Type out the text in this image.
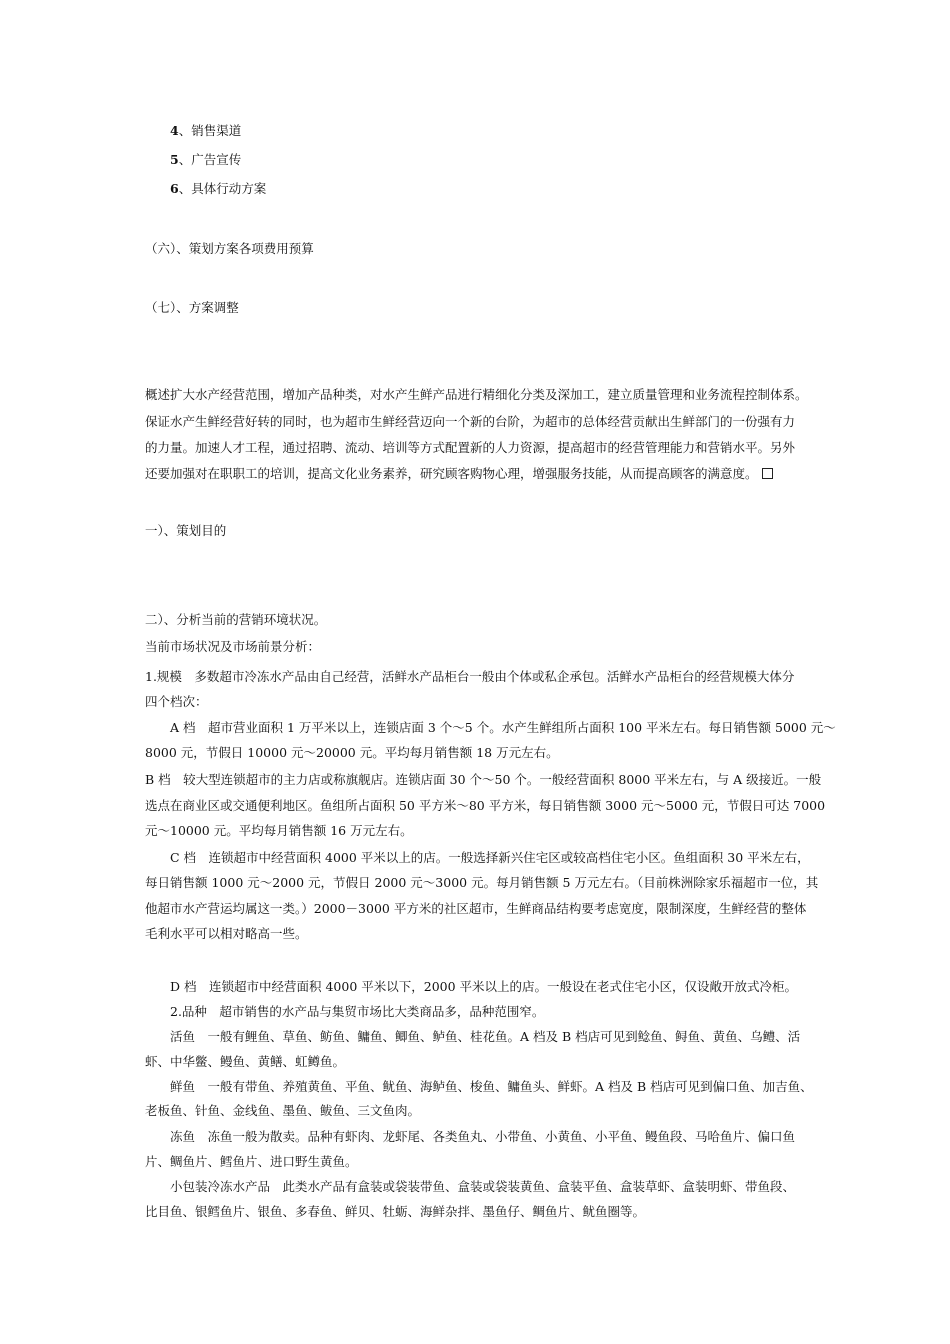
4、销售渠道
5、广告宣传
6、具体行动方案
（六）、策划方案各项费用预算
（七）、方案调整
概述扩大水产经营范围，增加产品种类，对水产生鲜产品进行精细化分类及深加工，建立质量管理和业务流程控制体系。
保证水产生鲜经营好转的同时，也为超市生鲜经营迈向一个新的台阶，为超市的总体经营贡献出生鲜部门的一份强有力
的力量。加速人才工程，通过招聘、流动、培训等方式配置新的人力资源，提高超市的经营管理能力和营销水平。另外
还要加强对在职职工的培训，提高文化业务素养，研究顾客购物心理，增强服务技能，从而提高顾客的满意度。
一）、策划目的
二）、分析当前的营销环境状况。
当前市场状况及市场前景分析：
1.规模　多数超市冷冻水产品由自己经营，活鲜水产品柜台一般由个体或私企承包。活鲜水产品柜台的经营规模大体分
四个档次：
A 档　超市营业面积 1 万平米以上，连锁店面 3 个～5 个。水产生鲜组所占面积 100 平米左右。每日销售额 5000 元～
8000 元，节假日 10000 元～20000 元。平均每月销售额 18 万元左右。
B 档　较大型连锁超市的主力店或称旗舰店。连锁店面 30 个～50 个。一般经营面积 8000 平米左右，与 A 级接近。一般
选点在商业区或交通便利地区。鱼组所占面积 50 平方米～80 平方米，每日销售额 3000 元～5000 元，节假日可达 7000
元～10000 元。平均每月销售额 16 万元左右。
C 档　连锁超市中经营面积 4000 平米以上的店。一般选择新兴住宅区或较高档住宅小区。鱼组面积 30 平米左右，
每日销售额 1000 元～2000 元，节假日 2000 元～3000 元。每月销售额 5 万元左右。（目前株洲除家乐福超市一位，其
他超市水产营运均属这一类。）2000－3000 平方米的社区超市，生鲜商品结构要考虑宽度，限制深度，生鲜经营的整体
毛利水平可以相对略高一些。
D 档　连锁超市中经营面积 4000 平米以下，2000 平米以上的店。一般设在老式住宅小区，仅设敞开放式冷柜。
2.品种　超市销售的水产品与集贸市场比大类商品多，品种范围窄。
活鱼　一般有鲤鱼、草鱼、鲂鱼、鳙鱼、鲫鱼、鲈鱼、桂花鱼。A 档及 B 档店可见到鲶鱼、鲟鱼、黄鱼、乌鳢、活
虾、中华鳖、鳗鱼、黄鳝、虹鳟鱼。
鲜鱼　一般有带鱼、养殖黄鱼、平鱼、鱿鱼、海鲈鱼、梭鱼、鳙鱼头、鲜虾。A 档及 B 档店可见到偏口鱼、加吉鱼、
老板鱼、针鱼、金线鱼、墨鱼、鲅鱼、三文鱼肉。
冻鱼　冻鱼一般为散卖。品种有虾肉、龙虾尾、各类鱼丸、小带鱼、小黄鱼、小平鱼、鳗鱼段、马哈鱼片、偏口鱼
片、鲷鱼片、鳕鱼片、进口野生黄鱼。
小包装冷冻水产品　此类水产品有盒装或袋装带鱼、盒装或袋装黄鱼、盒装平鱼、盒装草虾、盒装明虾、带鱼段、
比目鱼、银鳕鱼片、银鱼、多春鱼、鲜贝、牡蛎、海鲜杂拌、墨鱼仔、鲷鱼片、鱿鱼圈等。
